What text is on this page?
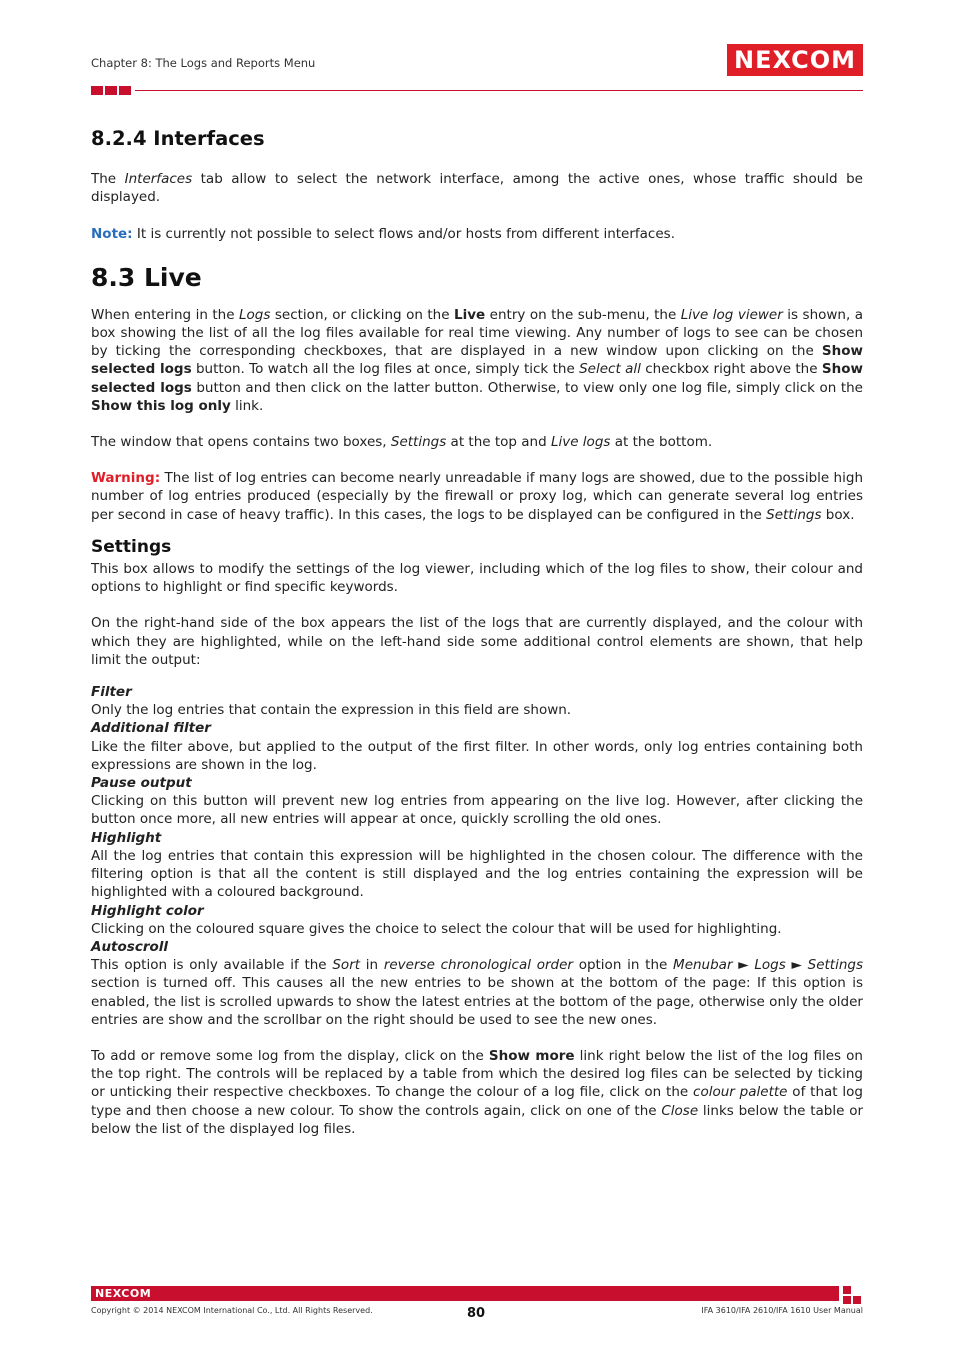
Chapter 8: The Logs and Reports Menu	NEXCOM
8.2.4 Interfaces

The Interfaces tab allow to select the network interface, among the active ones, whose traffic should be displayed.

Note: It is currently not possible to select flows and/or hosts from different interfaces.

8.3 Live

When entering in the Logs section, or clicking on the Live entry on the sub-menu, the Live log viewer is shown, a box showing the list of all the log files available for real time viewing. Any number of logs to see can be chosen by ticking the corresponding checkboxes, that are displayed in a new window upon clicking on the Show selected logs button. To watch all the log files at once, simply tick the Select all checkbox right above the Show selected logs button and then click on the latter button. Otherwise, to view only one log file, simply click on the Show this log only link.

The window that opens contains two boxes, Settings at the top and Live logs at the bottom.

Warning: The list of log entries can become nearly unreadable if many logs are showed, due to the possible high number of log entries produced (especially by the firewall or proxy log, which can generate several log entries per second in case of heavy traffic). In this cases, the logs to be displayed can be configured in the Settings box.

Settings

This box allows to modify the settings of the log viewer, including which of the log files to show, their colour and options to highlight or find specific keywords.

On the right-hand side of the box appears the list of the logs that are currently displayed, and the colour with which they are highlighted, while on the left-hand side some additional control elements are shown, that help limit the output:

Filter

Only the log entries that contain the expression in this field are shown.

Additional filter

Like the filter above, but applied to the output of the first filter. In other words, only log entries containing both expressions are shown in the log.

Pause output

Clicking on this button will prevent new log entries from appearing on the live log. However, after clicking the button once more, all new entries will appear at once, quickly scrolling the old ones.

Highlight

All the log entries that contain this expression will be highlighted in the chosen colour. The difference with the filtering option is that all the content is still displayed and the log entries containing the expression will be highlighted with a coloured background.

Highlight color

Clicking on the coloured square gives the choice to select the colour that will be used for highlighting.

Autoscroll

This option is only available if the Sort in reverse chronological order option in the Menubar ► Logs ► Settings section is turned off. This causes all the new entries to be shown at the bottom of the page: If this option is enabled, the list is scrolled upwards to show the latest entries at the bottom of the page, otherwise only the older entries are show and the scrollbar on the right should be used to see the new ones.

To add or remove some log from the display, click on the Show more link right below the list of the log files on the top right. The controls will be replaced by a table from which the desired log files can be selected by ticking or unticking their respective checkboxes. To change the colour of a log file, click on the colour palette of that log type and then choose a new colour. To show the controls again, click on one of the Close links below the table or below the list of the displayed log files.

NEXCOM
Copyright © 2014 NEXCOM International Co., Ltd. All Rights Reserved.	80	IFA 3610/IFA 2610/IFA 1610 User Manual
